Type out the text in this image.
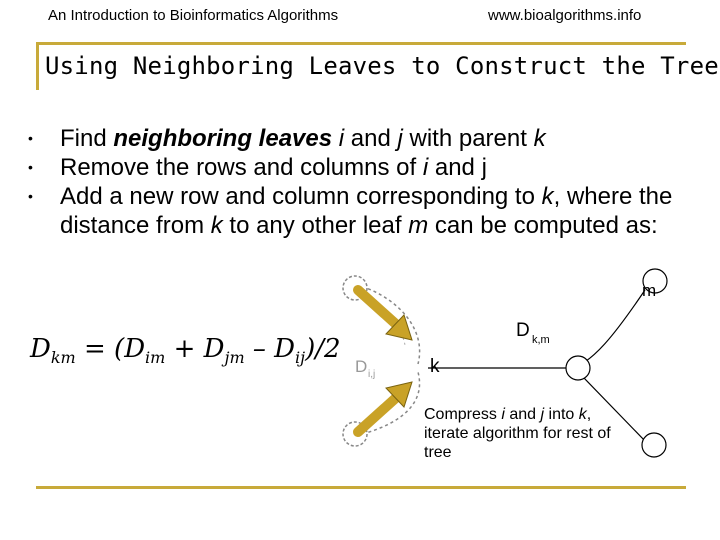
An Introduction to Bioinformatics Algorithms	www.bioalgorithms.info
Using Neighboring Leaves to Construct the Tree
• Find neighboring leaves i and j with parent k
• Remove the rows and columns of i and j
• Add a new row and column corresponding to k, where the distance from k to any other leaf m can be computed as:
$D_{km} = (D_{im} + D_{jm} - D_{ij})/2$
D i,j
m
k
D k,m
Compress i and j into k, iterate algorithm for rest of tree
